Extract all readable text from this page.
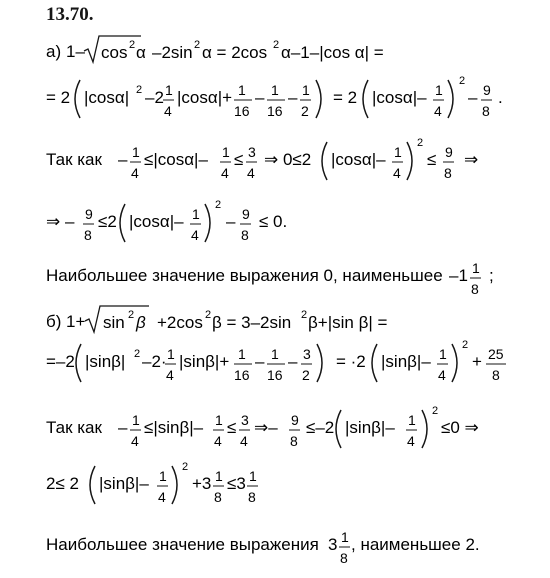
13.70.
а) 1– cos 2 α –2sin 2 α = 2cos 2 α–1–|cos α| =
= 2 |cosα| 2 –2 1
4
|cosα|+ 1
16
– 1
16
– 1
2
= 2 |cosα|– 1
4
2
– 9
8
.
Так как – 1
4
≤|cosα|– 1
4
≤ 3
4
⇒ 0≤2 |cosα|– 1
4
2
≤ 9
8
⇒
⇒ – 9
8
≤2 |cosα|– 1
4
2
– 9
8
≤ 0.
Наибольшее значение выражения 0, наименьшее –1 1
8
;
б) 1+ sin 2 β +2cos 2 β = 3–2sin 2 β+|sin β| =
=–2 |sinβ| 2 –2· 1
4
|sinβ|+ 1
16
– 1
16
– 3
2
= ·2 |sinβ|– 1
4
2
+ 25
8
Так как – 1
4
≤|sinβ|– 1
4
≤ 3
4
⇒– 9
8
≤–2 |sinβ|– 1
4
2
≤0 ⇒
2≤ 2 |sinβ|– 1
4
2
+3 1
8
≤3 1
8
Наибольшее значение выражения 3 1
8
, наименьшее 2.
